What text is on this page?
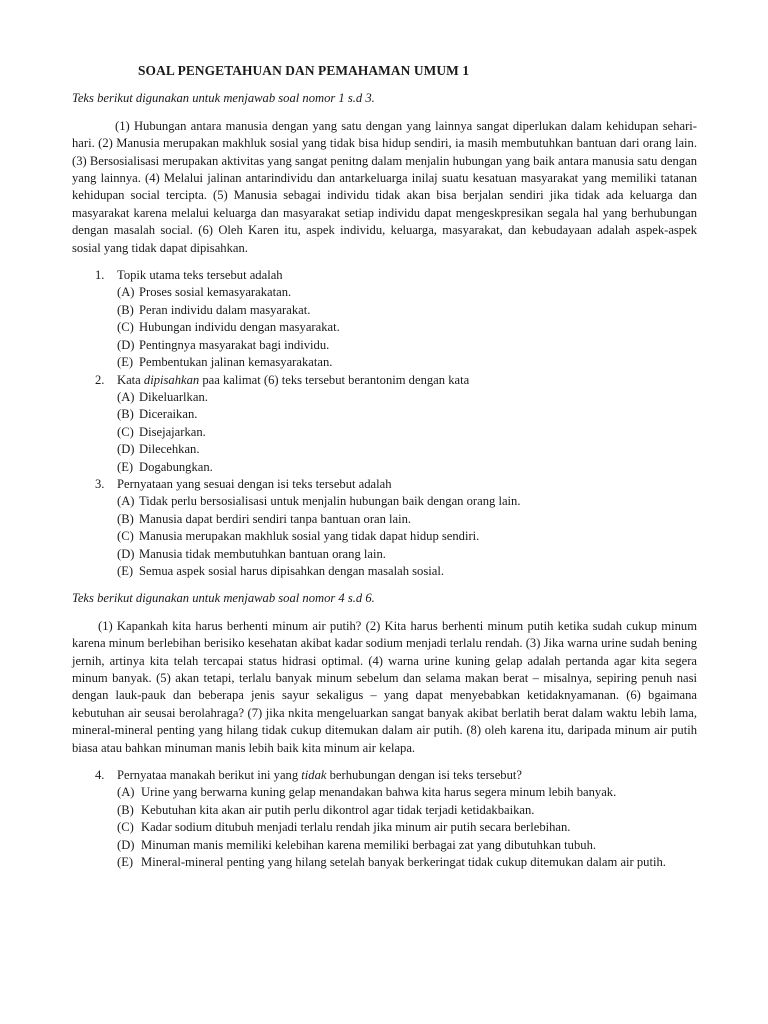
SOAL PENGETAHUAN DAN PEMAHAMAN UMUM 1
Teks berikut digunakan untuk menjawab soal nomor 1 s.d 3.

(1) Hubungan antara manusia dengan yang satu dengan yang lainnya sangat diperlukan dalam kehidupan sehari-hari. (2) Manusia merupakan makhluk sosial yang tidak bisa hidup sendiri, ia masih membutuhkan bantuan dari orang lain. (3) Bersosialisasi merupakan aktivitas yang sangat penitng dalam menjalin hubungan yang baik antara manusia satu dengan yang lainnya. (4) Melalui jalinan antarindividu dan antarkeluarga inilaj suatu kesatuan masyarakat yang memiliki tatanan kehidupan social tercipta. (5) Manusia sebagai individu tidak akan bisa berjalan sendiri jika tidak ada keluarga dan masyarakat karena melalui keluarga dan masyarakat setiap individu dapat mengeskpresikan segala hal yang berhubungan dengan masalah social. (6) Oleh Karen itu, aspek individu, keluarga, masyarakat, dan kebudayaan adalah aspek-aspek sosial yang tidak dapat dipisahkan.

1. Topik utama teks tersebut adalah
(A) Proses sosial kemasyarakatan.
(B) Peran individu dalam masyarakat.
(C) Hubungan individu dengan masyarakat.
(D) Pentingnya masyarakat bagi individu.
(E) Pembentukan jalinan kemasyarakatan.
2. Kata dipisahkan paa kalimat (6) teks tersebut berantonim dengan kata
(A) Dikeluarlkan.
(B) Diceraikan.
(C) Disejajarkan.
(D) Dilecehkan.
(E) Dogabungkan.
3. Pernyataan yang sesuai dengan isi teks tersebut adalah
(A) Tidak perlu bersosialisasi untuk menjalin hubungan baik dengan orang lain.
(B) Manusia dapat berdiri sendiri tanpa bantuan oran lain.
(C) Manusia merupakan makhluk sosial yang tidak dapat hidup sendiri.
(D) Manusia tidak membutuhkan bantuan orang lain.
(E) Semua aspek sosial harus dipisahkan dengan masalah sosial.
Teks berikut digunakan untuk menjawab soal nomor 4 s.d 6.

(1) Kapankah kita harus berhenti minum air putih? (2) Kita harus berhenti minum putih ketika sudah cukup minum karena minum berlebihan berisiko kesehatan akibat kadar sodium menjadi terlalu rendah. (3) Jika warna urine sudah bening jernih, artinya kita telah tercapai status hidrasi optimal. (4) warna urine kuning gelap adalah pertanda agar kita segera minum banyak. (5) akan tetapi, terlalu banyak minum sebelum dan selama makan berat – misalnya, sepiring penuh nasi dengan lauk-pauk dan beberapa jenis sayur sekaligus – yang dapat menyebabkan ketidaknyamanan. (6) bgaimana kebutuhan air seusai berolahraga? (7) jika nkita mengeluarkan sangat banyak akibat berlatih berat dalam waktu lebih lama, mineral-mineral penting yang hilang tidak cukup ditemukan dalam air putih. (8) oleh karena itu, daripada minum air putih biasa atau bahkan minuman manis lebih baik kita minum air kelapa.

4. Pernyataa manakah berikut ini yang tidak berhubungan dengan isi teks tersebut?
(A) Urine yang berwarna kuning gelap menandakan bahwa kita harus segera minum lebih banyak.
(B) Kebutuhan kita akan air putih perlu dikontrol agar tidak terjadi ketidakbaikan.
(C) Kadar sodium ditubuh menjadi terlalu rendah jika minum air putih secara berlebihan.
(D) Minuman manis memiliki kelebihan karena memiliki berbagai zat yang dibutuhkan tubuh.
(E) Mineral-mineral penting yang hilang setelah banyak berkeringat tidak cukup ditemukan dalam air putih.
